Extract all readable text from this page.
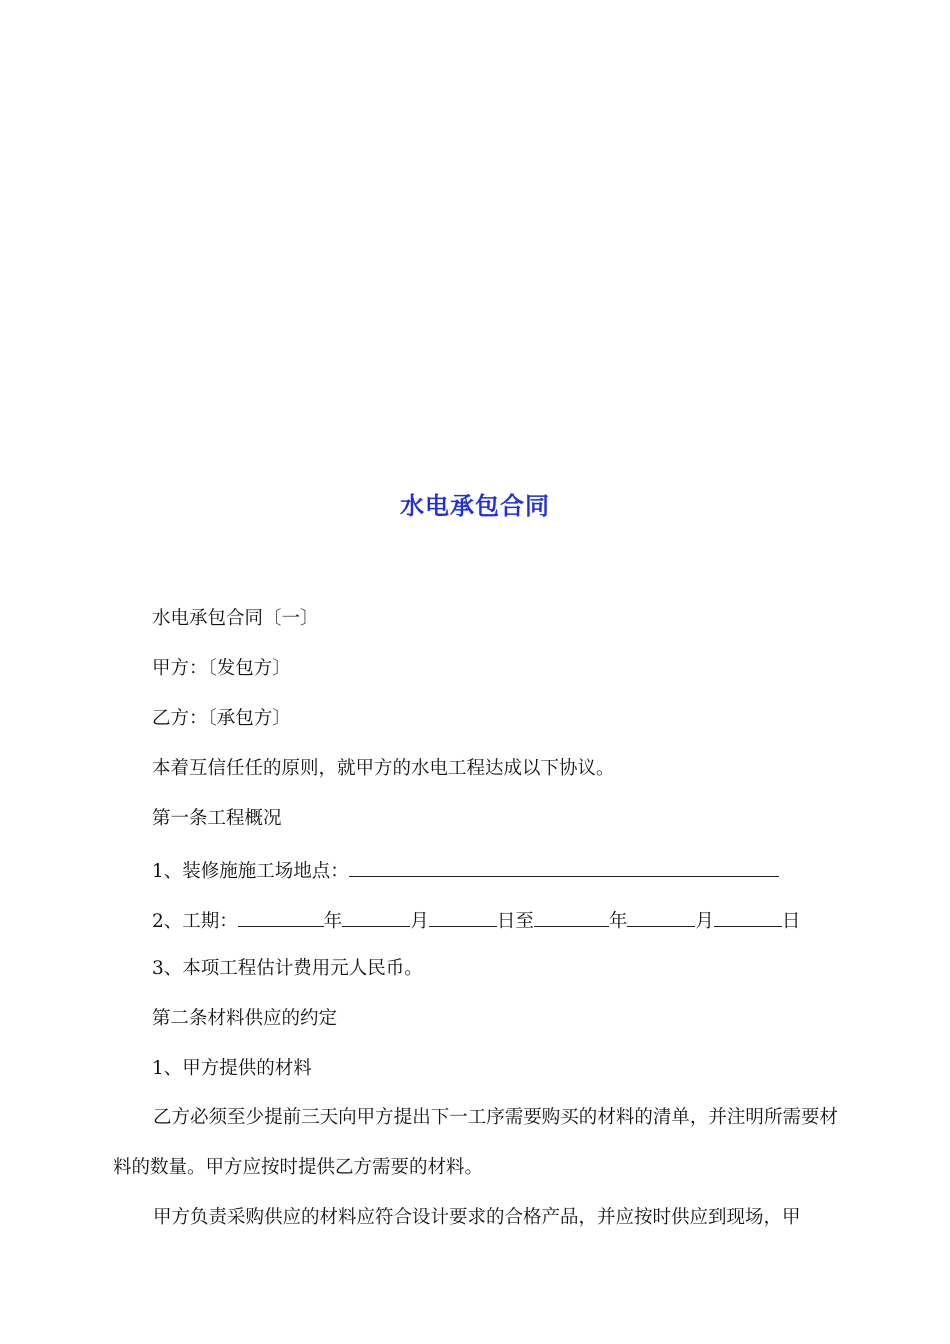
水电承包合同
水电承包合同〔一〕
甲方：〔发包方〕
乙方：〔承包方〕
本着互信任任的原则，就甲方的水电工程达成以下协议。
第一条工程概况
1、装修施施工场地点：
2、工期：	年	月	日至	年	月	日
3、本项工程估计费用元人民币。
第二条材料供应的约定
1、甲方提供的材料
乙方必须至少提前三天向甲方提出下一工序需要购买的材料的清单，并注明所需要材料的数量。甲方应按时提供乙方需要的材料。
甲方负责采购供应的材料应符合设计要求的合格产品，并应按时供应到现场，甲
